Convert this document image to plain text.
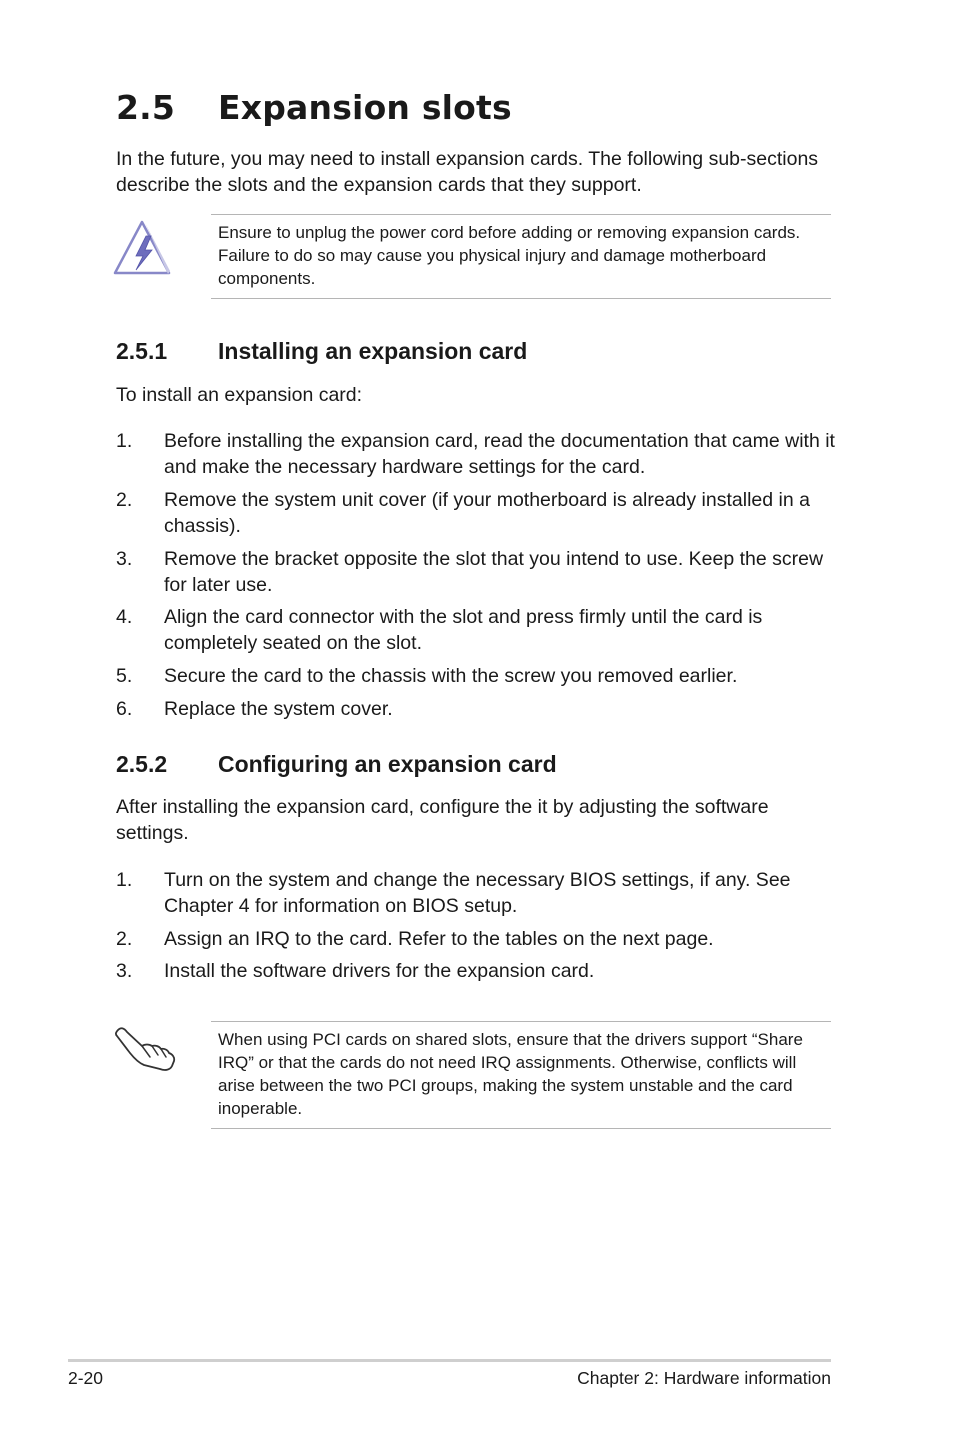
2.5 Expansion slots
In the future, you may need to install expansion cards. The following sub-sections describe the slots and the expansion cards that they support.
Ensure to unplug the power cord before adding or removing expansion cards. Failure to do so may cause you physical injury and damage motherboard components.
2.5.1 Installing an expansion card
To install an expansion card:
1.	Before installing the expansion card, read the documentation that came with it and make the necessary hardware settings for the card.
2.	Remove the system unit cover (if your motherboard is already installed in a chassis).
3.	Remove the bracket opposite the slot that you intend to use. Keep the screw for later use.
4.	Align the card connector with the slot and press firmly until the card is completely seated on the slot.
5.	Secure the card to the chassis with the screw you removed earlier.
6.	Replace the system cover.
2.5.2 Configuring an expansion card
After installing the expansion card, configure the it by adjusting the software settings.
1.	Turn on the system and change the necessary BIOS settings, if any. See Chapter 4 for information on BIOS setup.
2.	Assign an IRQ to the card. Refer to the tables on the next page.
3.	Install the software drivers for the expansion card.
When using PCI cards on shared slots, ensure that the drivers support “Share IRQ” or that the cards do not need IRQ assignments. Otherwise, conflicts will arise between the two PCI groups, making the system unstable and the card inoperable.
2-20	Chapter 2: Hardware information
